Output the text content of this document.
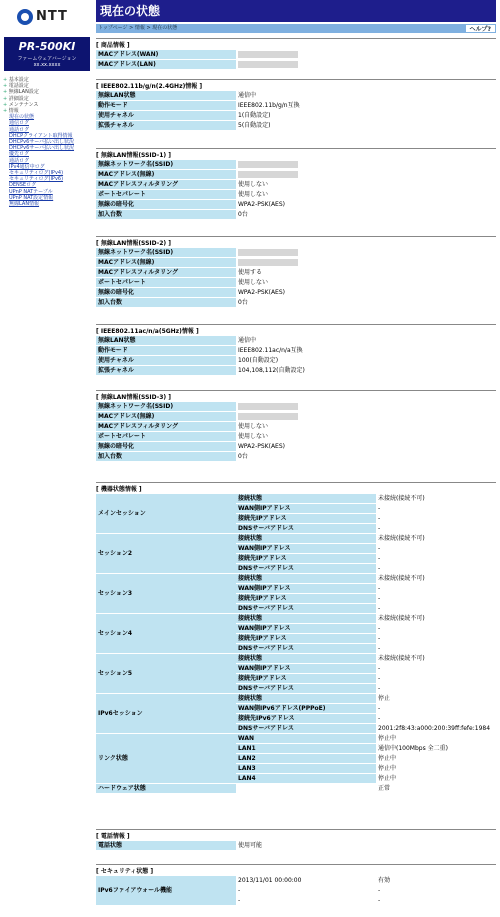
NTT
PR-500KI
ファームウェアバージョン
xx.xx.xxxx
+ 基本設定
+ 電話設定
+ 無線LAN設定
+ 詳細設定
+ メンテナンス
+ 情報
現在の状態
通信ログ
通話ログ
DHCPクライアント取得情報
DHCPv6サーバ払い出し状況
DHCPv6サーバ払い出し状況
優先ログ
通話ログ
IPv4通信中ログ
セキュリティログ(IPv4)
セキュリティログ(IPv6)
DENSEログ
UPnP NATテーブル
UPnP NAT設定情報
無線LAN情報
現在の状態
トップページ > 情報 > 現在の状態	ヘルプ?
[ 商品情報 ]
MACアドレス(WAN)	
MACアドレス(LAN)	
[ IEEE802.11b/g/n(2.4GHz)情報 ]
無線LAN状態	通信中
動作モード	IEEE802.11b/g/n互換
使用チャネル	1(自動設定)
拡張チャネル	5(自動設定)
[ 無線LAN情報(SSID-1) ]
無線ネットワーク名(SSID)	
MACアドレス(無線)	
MACアドレスフィルタリング	使用しない
ポートセパレート	使用しない
無線の暗号化	WPA2-PSK(AES)
加入台数	0台
[ 無線LAN情報(SSID-2) ]
無線ネットワーク名(SSID)	
MACアドレス(無線)	
MACアドレスフィルタリング	使用する
ポートセパレート	使用しない
無線の暗号化	WPA2-PSK(AES)
加入台数	0台
[ IEEE802.11ac/n/a(5GHz)情報 ]
無線LAN状態	通信中
動作モード	IEEE802.11ac/n/a互換
使用チャネル	100(自動設定)
拡張チャネル	104,108,112(自動設定)
[ 無線LAN情報(SSID-3) ]
無線ネットワーク名(SSID)	
MACアドレス(無線)	
MACアドレスフィルタリング	使用しない
ポートセパレート	使用しない
無線の暗号化	WPA2-PSK(AES)
加入台数	0台
[ 機器状態情報 ]
メインセッション	接続状態	未接続(接続不可)
	WAN側IPアドレス	-
	接続先IPアドレス	-
	DNSサーバアドレス	-
セッション2	接続状態	未接続(接続不可)
	WAN側IPアドレス	-
	接続先IPアドレス	-
	DNSサーバアドレス	-
セッション3	接続状態	未接続(接続不可)
	WAN側IPアドレス	-
	接続先IPアドレス	-
	DNSサーバアドレス	-
セッション4	接続状態	未接続(接続不可)
	WAN側IPアドレス	-
	接続先IPアドレス	-
	DNSサーバアドレス	-
セッション5	接続状態	未接続(接続不可)
	WAN側IPアドレス	-
	接続先IPアドレス	-
	DNSサーバアドレス	-
IPv6セッション	接続状態	停止
	WAN側IPv6アドレス(PPPoE)	-
	接続先IPv6アドレス	-
	DNSサーバアドレス	2001:2f8:43:a000:200:39ff:fefe:1984
リンク状態	WAN	停止中
	LAN1	通信中(100Mbps 全二重)
	LAN2	停止中
	LAN3	停止中
	LAN4	停止中
ハードウェア状態		正常
[ 電話情報 ]
電話状態	使用可能
[ セキュリティ状態 ]
IPv6ファイアウォール機能	2013/11/01 00:00:00	有効
	-	-
	-	-
